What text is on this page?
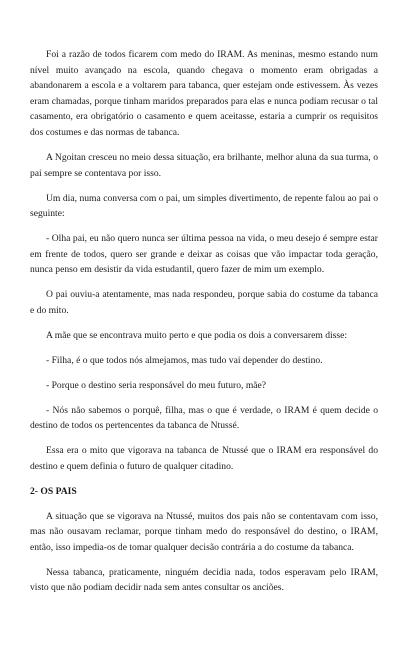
Foi a razão de todos ficarem com medo do IRAM. As meninas, mesmo estando num nível muito avançado na escola, quando chegava o momento eram obrigadas a abandonarem a escola e a voltarem para tabanca, quer estejam onde estivessem. Às vezes eram chamadas, porque tinham maridos preparados para elas e nunca podiam recusar o tal casamento, era obrigatório o casamento e quem aceitasse, estaria a cumprir os requisitos dos costumes e das normas de tabanca.

A Ngoitan cresceu no meio dessa situação, era brilhante, melhor aluna da sua turma, o pai sempre se contentava por isso.

Um dia, numa conversa com o pai, um simples divertimento, de repente falou ao pai o seguinte:

- Olha pai, eu não quero nunca ser última pessoa na vida, o meu desejo é sempre estar em frente de todos, quero ser grande e deixar as coisas que vão impactar toda geração, nunca penso em desistir da vida estudantil, quero fazer de mim um exemplo.

O pai ouviu-a atentamente, mas nada respondeu, porque sabia do costume da tabanca e do mito.

A mãe que se encontrava muito perto e que podia os dois a conversarem disse:

- Filha, é o que todos nós almejamos, mas tudo vai depender do destino.

- Porque o destino seria responsável do meu futuro, mãe?

- Nós não sabemos o porquê, filha, mas o que é verdade, o IRAM é quem decide o destino de todos os pertencentes da tabanca de Ntussé.

Essa era o mito que vigorava na tabanca de Ntussé que o IRAM era responsável do destino e quem definia o futuro de qualquer citadino.

2- OS PAIS

A situação que se vigorava na Ntussé, muitos dos pais não se contentavam com isso, mas não ousavam reclamar, porque tinham medo do responsável do destino, o IRAM, então, isso impedia-os de tomar qualquer decisão contrária a do costume da tabanca.

Nessa tabanca, praticamente, ninguém decidia nada, todos esperavam pelo IRAM, visto que não podiam decidir nada sem antes consultar os anciões.
